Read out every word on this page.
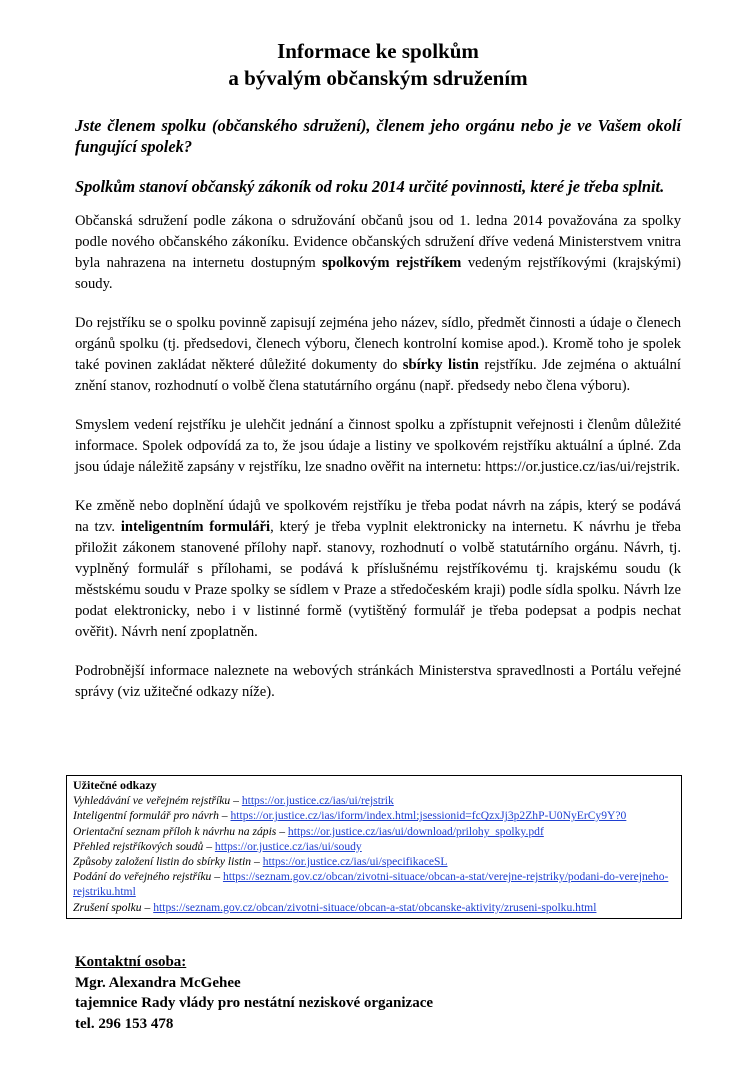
Informace ke spolkům
a bývalým občanským sdružením

Jste členem spolku (občanského sdružení), členem jeho orgánu nebo je ve Vašem okolí fungující spolek?

Spolkům stanoví občanský zákoník od roku 2014 určité povinnosti, které je třeba splnit.

Občanská sdružení podle zákona o sdružování občanů jsou od 1. ledna 2014 považována za spolky podle nového občanského zákoníku. Evidence občanských sdružení dříve vedená Ministerstvem vnitra byla nahrazena na internetu dostupným spolkovým rejstříkem vedeným rejstříkovými (krajskými) soudy.

Do rejstříku se o spolku povinně zapisují zejména jeho název, sídlo, předmět činnosti a údaje o členech orgánů spolku (tj. předsedovi, členech výboru, členech kontrolní komise apod.). Kromě toho je spolek také povinen zakládat některé důležité dokumenty do sbírky listin rejstříku. Jde zejména o aktuální znění stanov, rozhodnutí o volbě člena statutárního orgánu (např. předsedy nebo člena výboru).

Smyslem vedení rejstříku je ulehčit jednání a činnost spolku a zpřístupnit veřejnosti i členům důležité informace. Spolek odpovídá za to, že jsou údaje a listiny ve spolkovém rejstříku aktuální a úplné. Zda jsou údaje náležitě zapsány v rejstříku, lze snadno ověřit na internetu: https://or.justice.cz/ias/ui/rejstrik.

Ke změně nebo doplnění údajů ve spolkovém rejstříku je třeba podat návrh na zápis, který se podává na tzv. inteligentním formuláři, který je třeba vyplnit elektronicky na internetu. K návrhu je třeba přiložit zákonem stanovené přílohy např. stanovy, rozhodnutí o volbě statutárního orgánu. Návrh, tj. vyplněný formulář s přílohami, se podává k příslušnému rejstříkovému tj. krajskému soudu (k městskému soudu v Praze spolky se sídlem v Praze a středočeském kraji) podle sídla spolku. Návrh lze podat elektronicky, nebo i v listinné formě (vytištěný formulář je třeba podepsat a podpis nechat ověřit). Návrh není zpoplatněn.

Podrobnější informace naleznete na webových stránkách Ministerstva spravedlnosti a Portálu veřejné správy (viz užitečné odkazy níže).

Užitečné odkazy
Vyhledávání ve veřejném rejstříku – https://or.justice.cz/ias/ui/rejstrik
Inteligentní formulář pro návrh – https://or.justice.cz/ias/iform/index.html;jsessionid=fcQzxJj3p2ZhP-U0NyErCy9Y?0
Orientační seznam příloh k návrhu na zápis – https://or.justice.cz/ias/ui/download/prilohy_spolky.pdf
Přehled rejstříkových soudů – https://or.justice.cz/ias/ui/soudy
Způsoby založení listin do sbírky listin – https://or.justice.cz/ias/ui/specifikaceSL
Podání do veřejného rejstříku – https://seznam.gov.cz/obcan/zivotni-situace/obcan-a-stat/verejne-rejstriky/podani-do-verejneho-rejstriku.html
Zrušení spolku – https://seznam.gov.cz/obcan/zivotni-situace/obcan-a-stat/obcanske-aktivity/zruseni-spolku.html
Kontaktní osoba:
Mgr. Alexandra McGehee
tajemnice Rady vlády pro nestátní neziskové organizace
tel. 296 153 478
